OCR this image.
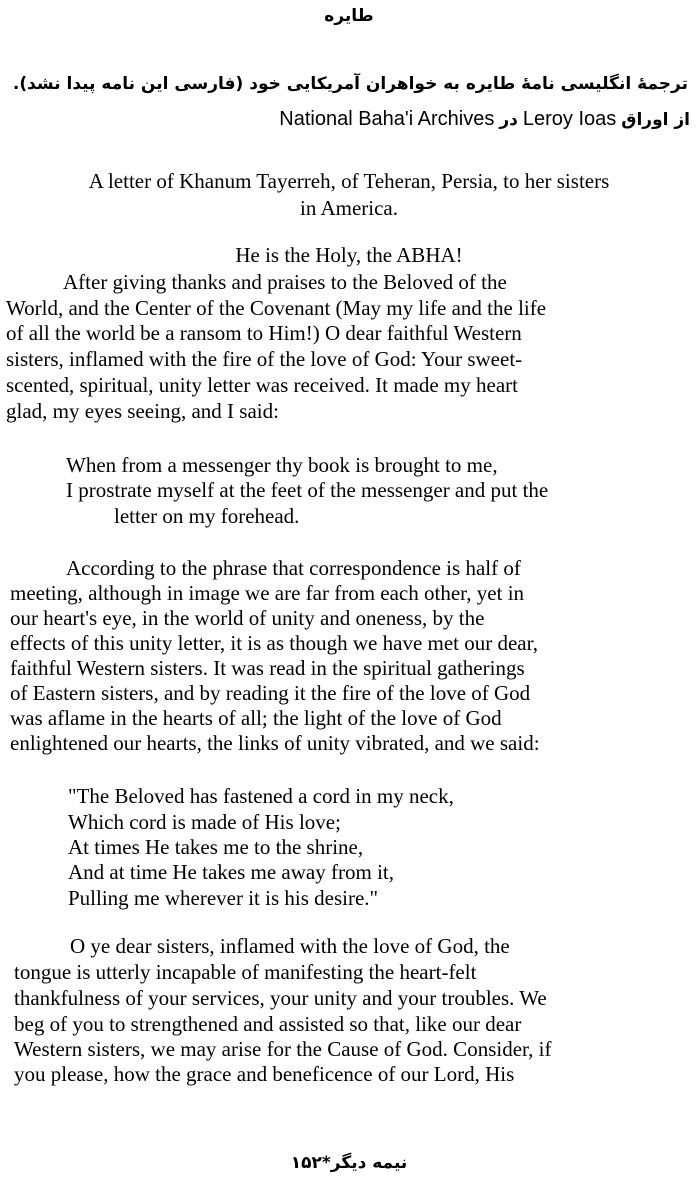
طایره
ترجمهٔ انگلیسی نامهٔ طایره به خواهران آمریکایی خود (فارسی این نامه پیدا نشد).
از اوراق Leroy Ioas در National Baha'i Archives
A letter of Khanum Tayerreh, of Teheran, Persia, to her sisters
in America.
He is the Holy, the ABHA!
After giving thanks and praises to the Beloved of the
World, and the Center of the Covenant (May my life and the life
of all the world be a ransom to Him!) O dear faithful Western
sisters, inflamed with the fire of the love of God: Your sweet-
scented, spiritual, unity letter was received. It made my heart
glad, my eyes seeing, and I said:
When from a messenger thy book is brought to me,
I prostrate myself at the feet of the messenger and put the
letter on my forehead.
According to the phrase that correspondence is half of
meeting, although in image we are far from each other, yet in
our heart's eye, in the world of unity and oneness, by the
effects of this unity letter, it is as though we have met our dear,
faithful Western sisters. It was read in the spiritual gatherings
of Eastern sisters, and by reading it the fire of the love of God
was aflame in the hearts of all; the light of the love of God
enlightened our hearts, the links of unity vibrated, and we said:
"The Beloved has fastened a cord in my neck,
Which cord is made of His love;
At times He takes me to the shrine,
And at time He takes me away from it,
Pulling me wherever it is his desire."
O ye dear sisters, inflamed with the love of God, the
tongue is utterly incapable of manifesting the heart-felt
thankfulness of your services, your unity and your troubles. We
beg of you to strengthened and assisted so that, like our dear
Western sisters, we may arise for the Cause of God. Consider, if
you please, how the grace and beneficence of our Lord, His
نیمه دیگر*۱۵۲
